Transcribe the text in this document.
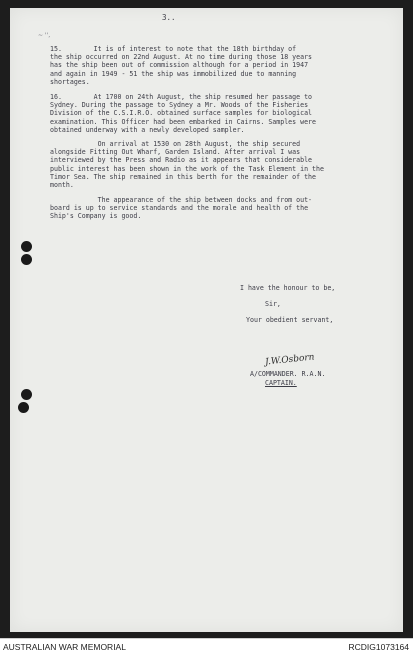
~ '',
3..
15.        It is of interest to note that the 18th birthday of
the ship occurred on 22nd August. At no time during those 18 years
has the ship been out of commission although for a period in 1947
and again in 1949 - 51 the ship was immobilized due to manning
shortages.
16.        At 1700 on 24th August, the ship resumed her passage to
Sydney. During the passage to Sydney a Mr. Woods of the Fisheries
Division of the C.S.I.R.O. obtained surface samples for biological
examination. This Officer had been embarked in Cairns. Samples were
obtained underway with a newly developed sampler.
On arrival at 1530 on 28th August, the ship secured
alongside Fitting Out Wharf, Garden Island. After arrival I was
interviewed by the Press and Radio as it appears that considerable
public interest has been shown in the work of the Task Element in the
Timor Sea. The ship remained in this berth for the remainder of the
month.
The appearance of the ship between docks and from out-
board is up to service standards and the morale and health of the
Ship's Company is good.
I have the honour to be,
Sir,
Your obedient servant,
J.W.Osborn
A/COMMANDER. R.A.N.
CAPTAIN.
AUSTRALIAN WAR MEMORIAL	RCDIG1073164
